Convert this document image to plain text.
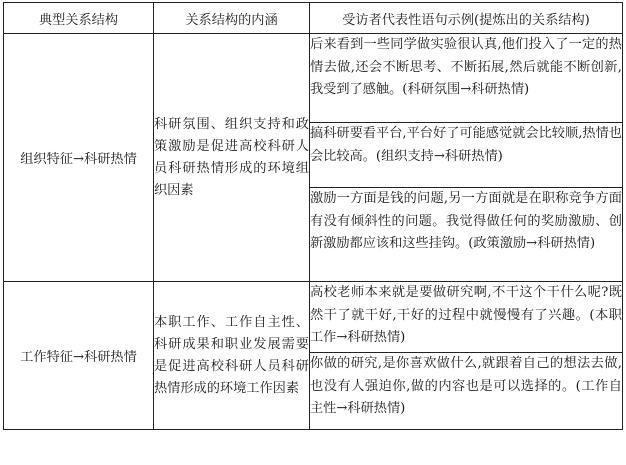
典型关系结构	关系结构的内涵	受访者代表性语句示例(提炼出的关系结构)
组织特征→科研热情	科研氛围、组织支持和政策激励是促进高校科研人员科研热情形成的环境组织因素	后来看到一些同学做实验很认真,他们投入了一定的热情去做,还会不断思考、不断拓展,然后就能不断创新,我受到了感触。(科研氛围→科研热情)
		搞科研要看平台,平台好了可能感觉就会比较顺,热情也会比较高。(组织支持→科研热情)
		激励一方面是钱的问题,另一方面就是在职称竞争方面有没有倾斜性的问题。我觉得做任何的奖励激励、创新激励都应该和这些挂钩。(政策激励→科研热情)
工作特征→科研热情	本职工作、工作自主性、科研成果和职业发展需要是促进高校科研人员科研热情形成的环境工作因素	高校老师本来就是要做研究啊,不干这个干什么呢?既然干了就干好,干好的过程中就慢慢有了兴趣。(本职工作→科研热情)
		你做的研究,是你喜欢做什么,就跟着自己的想法去做,也没有人强迫你,做的内容也是可以选择的。(工作自主性→科研热情)
